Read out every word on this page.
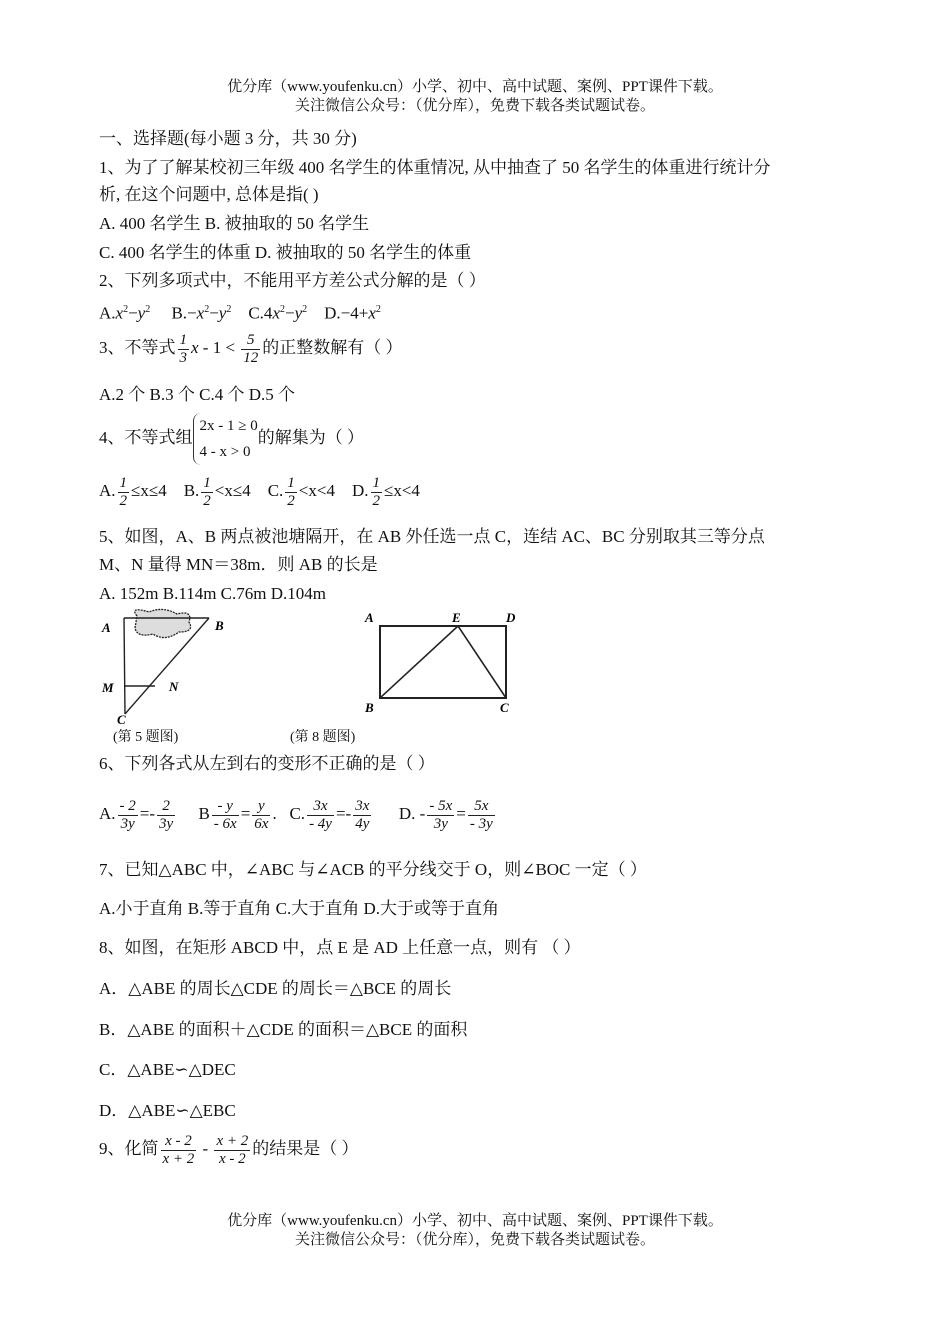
优分库（www.youfenku.cn）小学、初中、高中试题、案例、PPT课件下载。
关注微信公众号：（优分库），免费下载各类试题试卷。
一、选择题(每小题 3 分，共 30 分)
1、为了了解某校初三年级 400 名学生的体重情况, 从中抽查了 50 名学生的体重进行统计分
析, 在这个问题中, 总体是指( )
A. 400 名学生 B. 被抽取的 50 名学生
C. 400 名学生的体重 D. 被抽取的 50 名学生的体重
2、下列多项式中，不能用平方差公式分解的是（ ）
$A.x^2-y^2$     $B.-x^2-y^2$    $C.4x^2-y^2$    $D.-4+x^2$
3、不等式 $\frac{1}{3}$ $x - 1 < \frac{5}{12}$ 的正整数解有（ ）
A.2 个 B.3 个 C.4 个 D.5 个
4、不等式组
2x - 1 ≥ 0
4 - x > 0
的解集为（ ）
A. $\frac{1}{2} \le x\le 4$    B. $\frac{1}{2} <x\le 4$    C. $\frac{1}{2} <x<4$    D. $\frac{1}{2} \le x<4$
5、如图，A、B 两点被池塘隔开，在 AB 外任选一点 C，连结 AC、BC 分别取其三等分点
M、N 量得 MN＝38m．则 AB 的长是
A. 152m B.114m C.76m D.104m
A	B
M	N
C
(第 5 题图)
A	E	D
B	C
(第 8 题图)
6、下列各式从左到右的变形不正确的是（ ）
A. $\frac{- 2}{3y} =- \frac{2}{3y}$ B $\frac{- y}{- 6x} = \frac{y}{6x}$ .   C. $\frac{3x}{- 4y} =- \frac{3x}{4y} D$. - $\frac{- 5x}{3y} = \frac{5x}{- 3y}$
7、已知△ABC 中，∠ABC 与∠ACB 的平分线交于 O，则∠BOC 一定（ ）
A.小于直角 B.等于直角 C.大于直角 D.大于或等于直角
8、如图，在矩形 ABCD 中，点 E 是 AD 上任意一点，则有 （ ）
A．△ABE 的周长△CDE 的周长＝△BCE 的周长
B．△ABE 的面积＋△CDE 的面积＝△BCE 的面积
C．△ABE∽△DEC
D．△ABE∽△EBC
9、化简 $\frac{x - 2}{x + 2} - \frac{x + 2}{x - 2}$ 的结果是（ ）
优分库（www.youfenku.cn）小学、初中、高中试题、案例、PPT课件下载。
关注微信公众号：（优分库），免费下载各类试题试卷。
